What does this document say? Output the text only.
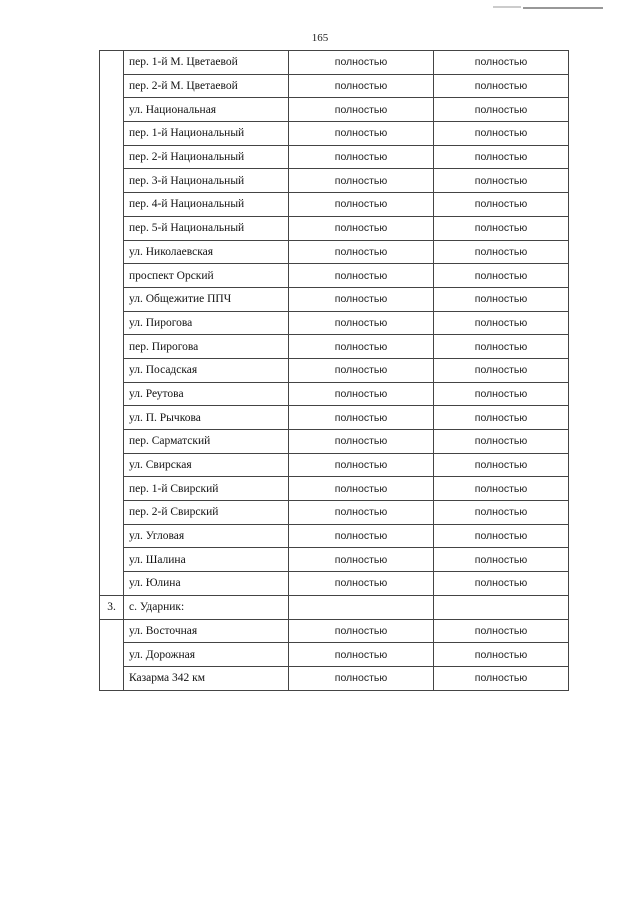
165
	пер. 1-й М. Цветаевой	полностью	полностью
	пер. 2-й М. Цветаевой	полностью	полностью
	ул. Национальная	полностью	полностью
	пер. 1-й Национальный	полностью	полностью
	пер. 2-й Национальный	полностью	полностью
	пер. 3-й Национальный	полностью	полностью
	пер. 4-й Национальный	полностью	полностью
	пер. 5-й Национальный	полностью	полностью
	ул. Николаевская	полностью	полностью
	проспект Орский	полностью	полностью
	ул. Общежитие ППЧ	полностью	полностью
	ул. Пирогова	полностью	полностью
	пер. Пирогова	полностью	полностью
	ул. Посадская	полностью	полностью
	ул. Реутова	полностью	полностью
	ул. П. Рычкова	полностью	полностью
	пер. Сарматский	полностью	полностью
	ул. Свирская	полностью	полностью
	пер. 1-й Свирский	полностью	полностью
	пер. 2-й Свирский	полностью	полностью
	ул. Угловая	полностью	полностью
	ул. Шалина	полностью	полностью
	ул. Юлина	полностью	полностью
3.	с. Ударник:		
	ул. Восточная	полностью	полностью
	ул. Дорожная	полностью	полностью
	Казарма 342 км	полностью	полностью
